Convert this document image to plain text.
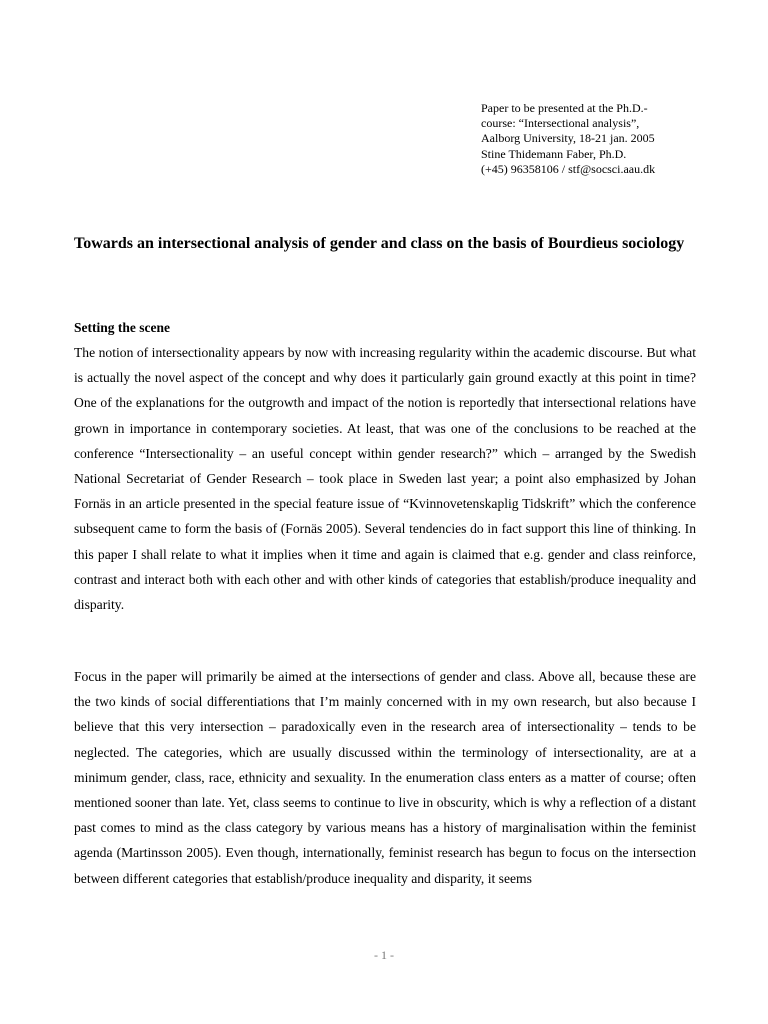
Paper to be presented at the Ph.D.-
course: “Intersectional analysis”,
Aalborg University, 18-21 jan. 2005
Stine Thidemann Faber, Ph.D.
(+45) 96358106 / stf@socsci.aau.dk
Towards an intersectional analysis of gender and class on the basis of Bourdieus sociology
Setting the scene

The notion of intersectionality appears by now with increasing regularity within the academic discourse. But what is actually the novel aspect of the concept and why does it particularly gain ground exactly at this point in time? One of the explanations for the outgrowth and impact of the notion is reportedly that intersectional relations have grown in importance in contemporary societies. At least, that was one of the conclusions to be reached at the conference “Intersectionality – an useful concept within gender research?” which – arranged by the Swedish National Secretariat of Gender Research – took place in Sweden last year; a point also emphasized by Johan Fornäs in an article presented in the special feature issue of “Kvinnovetenskaplig Tidskrift” which the conference subsequent came to form the basis of (Fornäs 2005). Several tendencies do in fact support this line of thinking. In this paper I shall relate to what it implies when it time and again is claimed that e.g. gender and class reinforce, contrast and interact both with each other and with other kinds of categories that establish/produce inequality and disparity.

Focus in the paper will primarily be aimed at the intersections of gender and class. Above all, because these are the two kinds of social differentiations that I’m mainly concerned with in my own research, but also because I believe that this very intersection – paradoxically even in the research area of intersectionality – tends to be neglected. The categories, which are usually discussed within the terminology of intersectionality, are at a minimum gender, class, race, ethnicity and sexuality. In the enumeration class enters as a matter of course; often mentioned sooner than late. Yet, class seems to continue to live in obscurity, which is why a reflection of a distant past comes to mind as the class category by various means has a history of marginalisation within the feminist agenda (Martinsson 2005). Even though, internationally, feminist research has begun to focus on the intersection between different categories that establish/produce inequality and disparity, it seems

- 1 -
